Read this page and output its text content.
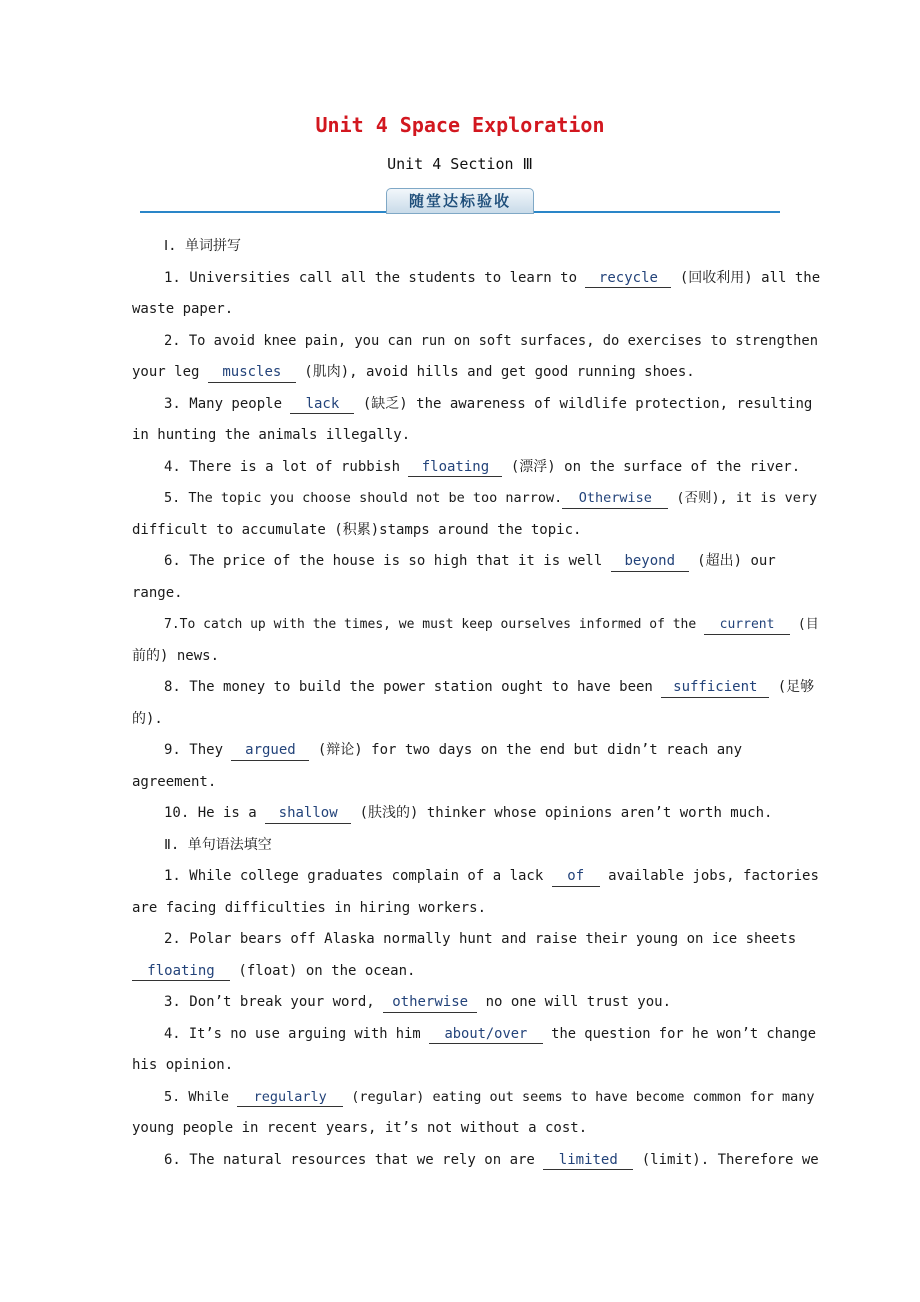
Unit 4 Space Exploration
Unit 4 Section Ⅲ
随堂达标验收
Ⅰ. 单词拼写
1. Universities call all the students to learn to recycle (回收利用) all the
waste paper.
2. To avoid knee pain, you can run on soft surfaces, do exercises to strengthen
your leg muscles (肌肉), avoid hills and get good running shoes.
3. Many people lack (缺乏) the awareness of wildlife protection, resulting
in hunting the animals illegally.
4. There is a lot of rubbish floating (漂浮) on the surface of the river.
5. The topic you choose should not be too narrow. Otherwise (否则), it is very
difficult to accumulate (积累)stamps around the topic.
6. The price of the house is so high that it is well beyond (超出) our
range.
7.To catch up with the times, we must keep ourselves informed of the current (目
前的) news.
8. The money to build the power station ought to have been sufficient (足够
的).
9. They argued (辩论) for two days on the end but didn’t reach any
agreement.
10. He is a shallow (肤浅的) thinker whose opinions aren’t worth much.
Ⅱ. 单句语法填空
1. While college graduates complain of a lack of available jobs, factories
are facing difficulties in hiring workers.
2. Polar bears off Alaska normally hunt and raise their young on ice sheets
floating (float) on the ocean.
3. Don’t break your word, otherwise no one will trust you.
4. It’s no use arguing with him about/over the question for he won’t change
his opinion.
5. While regularly (regular) eating out seems to have become common for many
young people in recent years, it’s not without a cost.
6. The natural resources that we rely on are limited (limit). Therefore we
